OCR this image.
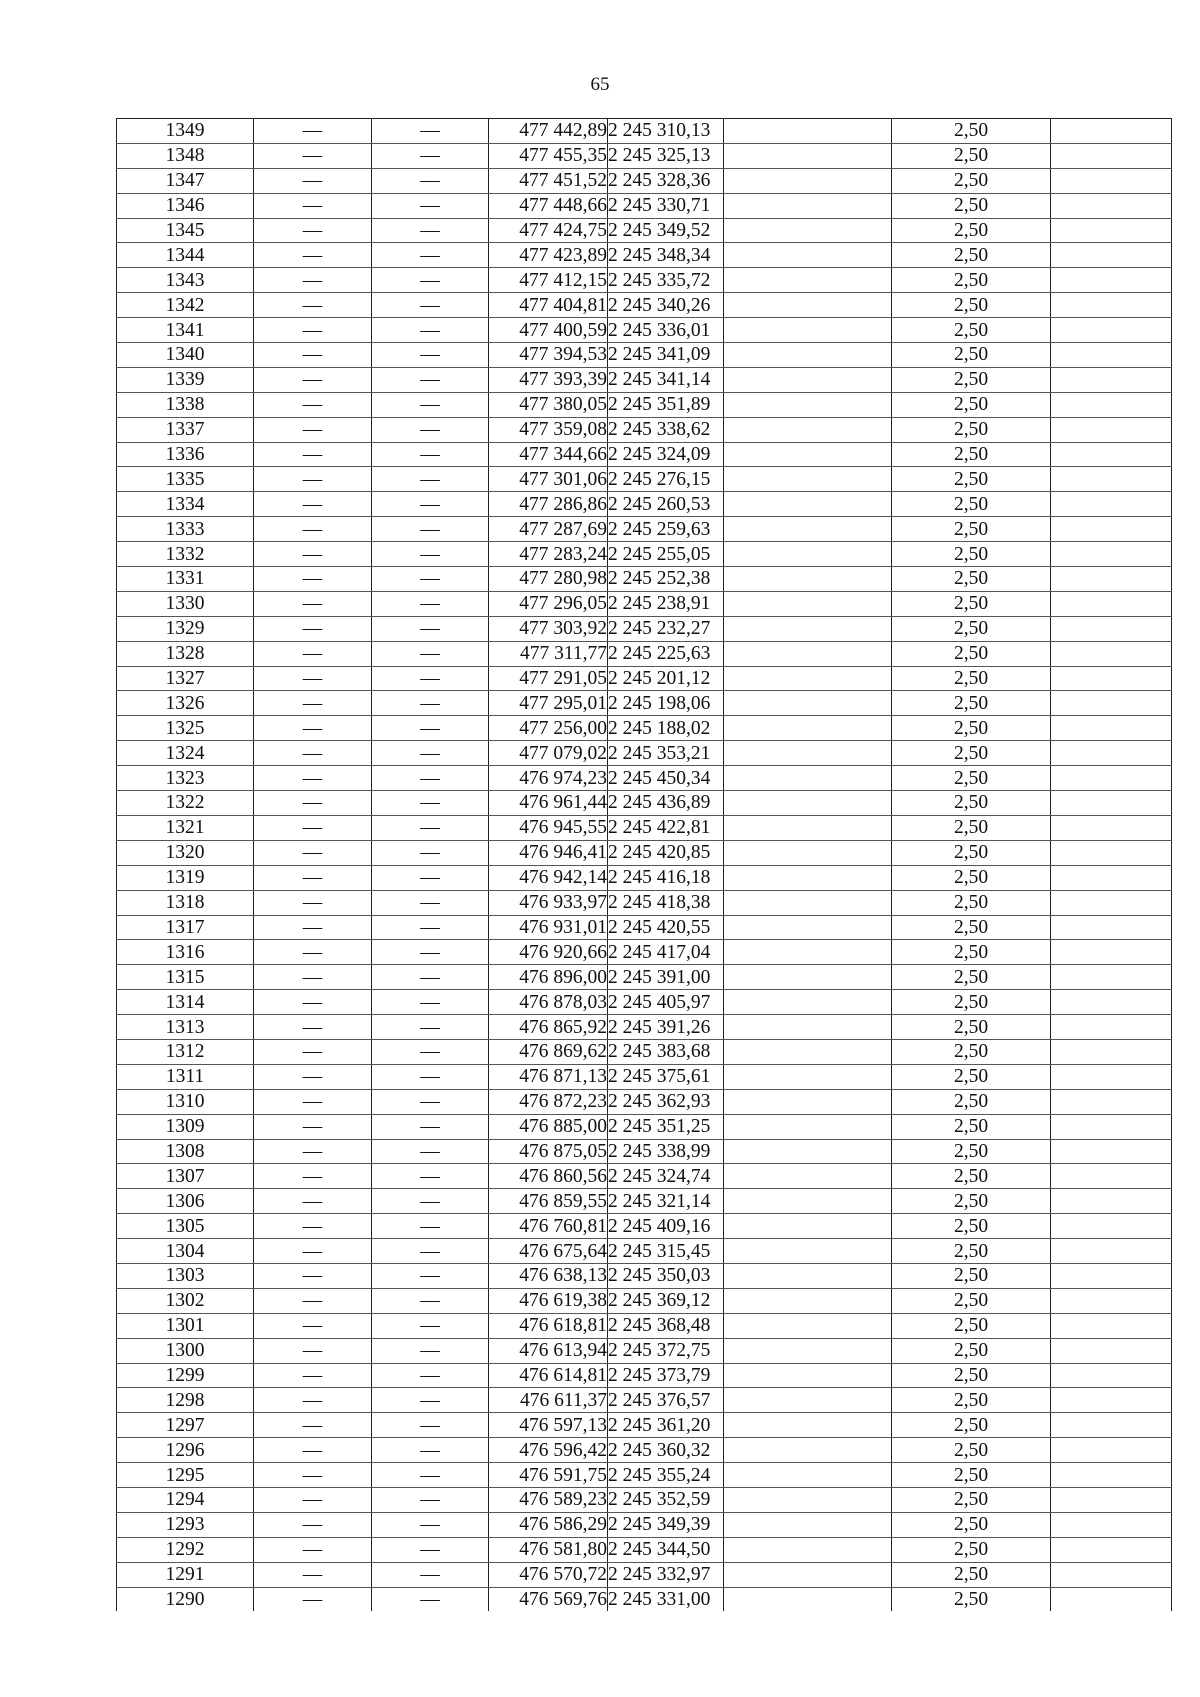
65
1349	—	—	477 442,89	2 245 310,13		2,50	
1348	—	—	477 455,35	2 245 325,13		2,50	
1347	—	—	477 451,52	2 245 328,36		2,50	
1346	—	—	477 448,66	2 245 330,71		2,50	
1345	—	—	477 424,75	2 245 349,52		2,50	
1344	—	—	477 423,89	2 245 348,34		2,50	
1343	—	—	477 412,15	2 245 335,72		2,50	
1342	—	—	477 404,81	2 245 340,26		2,50	
1341	—	—	477 400,59	2 245 336,01		2,50	
1340	—	—	477 394,53	2 245 341,09		2,50	
1339	—	—	477 393,39	2 245 341,14		2,50	
1338	—	—	477 380,05	2 245 351,89		2,50	
1337	—	—	477 359,08	2 245 338,62		2,50	
1336	—	—	477 344,66	2 245 324,09		2,50	
1335	—	—	477 301,06	2 245 276,15		2,50	
1334	—	—	477 286,86	2 245 260,53		2,50	
1333	—	—	477 287,69	2 245 259,63		2,50	
1332	—	—	477 283,24	2 245 255,05		2,50	
1331	—	—	477 280,98	2 245 252,38		2,50	
1330	—	—	477 296,05	2 245 238,91		2,50	
1329	—	—	477 303,92	2 245 232,27		2,50	
1328	—	—	477 311,77	2 245 225,63		2,50	
1327	—	—	477 291,05	2 245 201,12		2,50	
1326	—	—	477 295,01	2 245 198,06		2,50	
1325	—	—	477 256,00	2 245 188,02		2,50	
1324	—	—	477 079,02	2 245 353,21		2,50	
1323	—	—	476 974,23	2 245 450,34		2,50	
1322	—	—	476 961,44	2 245 436,89		2,50	
1321	—	—	476 945,55	2 245 422,81		2,50	
1320	—	—	476 946,41	2 245 420,85		2,50	
1319	—	—	476 942,14	2 245 416,18		2,50	
1318	—	—	476 933,97	2 245 418,38		2,50	
1317	—	—	476 931,01	2 245 420,55		2,50	
1316	—	—	476 920,66	2 245 417,04		2,50	
1315	—	—	476 896,00	2 245 391,00		2,50	
1314	—	—	476 878,03	2 245 405,97		2,50	
1313	—	—	476 865,92	2 245 391,26		2,50	
1312	—	—	476 869,62	2 245 383,68		2,50	
1311	—	—	476 871,13	2 245 375,61		2,50	
1310	—	—	476 872,23	2 245 362,93		2,50	
1309	—	—	476 885,00	2 245 351,25		2,50	
1308	—	—	476 875,05	2 245 338,99		2,50	
1307	—	—	476 860,56	2 245 324,74		2,50	
1306	—	—	476 859,55	2 245 321,14		2,50	
1305	—	—	476 760,81	2 245 409,16		2,50	
1304	—	—	476 675,64	2 245 315,45		2,50	
1303	—	—	476 638,13	2 245 350,03		2,50	
1302	—	—	476 619,38	2 245 369,12		2,50	
1301	—	—	476 618,81	2 245 368,48		2,50	
1300	—	—	476 613,94	2 245 372,75		2,50	
1299	—	—	476 614,81	2 245 373,79		2,50	
1298	—	—	476 611,37	2 245 376,57		2,50	
1297	—	—	476 597,13	2 245 361,20		2,50	
1296	—	—	476 596,42	2 245 360,32		2,50	
1295	—	—	476 591,75	2 245 355,24		2,50	
1294	—	—	476 589,23	2 245 352,59		2,50	
1293	—	—	476 586,29	2 245 349,39		2,50	
1292	—	—	476 581,80	2 245 344,50		2,50	
1291	—	—	476 570,72	2 245 332,97		2,50	
1290	—	—	476 569,76	2 245 331,00		2,50	
